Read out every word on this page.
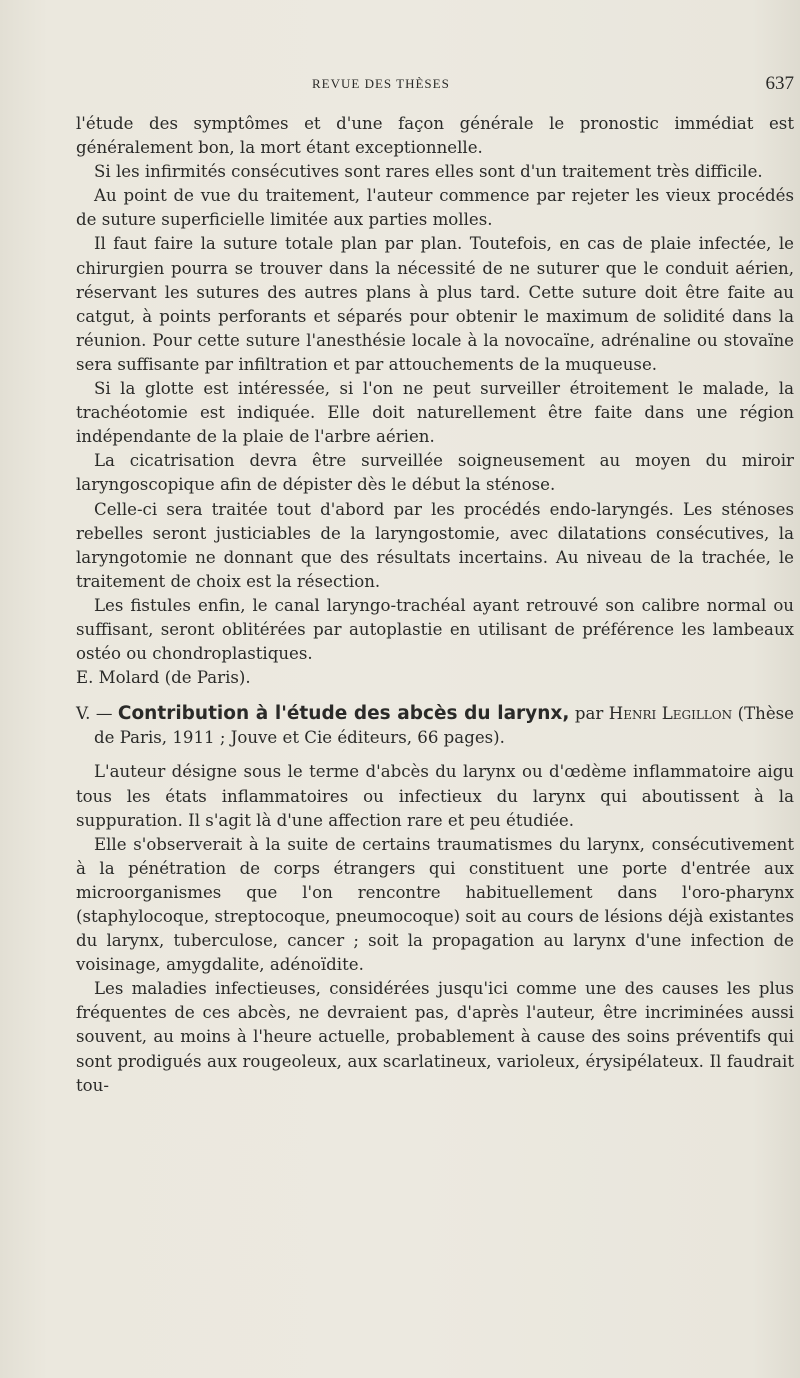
REVUE DES THÈSES	637

l'étude des symptômes et d'une façon générale le pronostic immédiat est généralement bon, la mort étant exceptionnelle.

Si les infirmités consécutives sont rares elles sont d'un traitement très difficile.

Au point de vue du traitement, l'auteur commence par rejeter les vieux procédés de suture superficielle limitée aux parties molles.

Il faut faire la suture totale plan par plan. Toutefois, en cas de plaie infectée, le chirurgien pourra se trouver dans la nécessité de ne suturer que le conduit aérien, réservant les sutures des autres plans à plus tard. Cette suture doit être faite au catgut, à points perforants et séparés pour obtenir le maximum de solidité dans la réunion. Pour cette suture l'anesthésie locale à la novocaïne, adrénaline ou stovaïne sera suffisante par infiltration et par attouchements de la muqueuse.

Si la glotte est intéressée, si l'on ne peut surveiller étroitement le malade, la trachéotomie est indiquée. Elle doit naturellement être faite dans une région indépendante de la plaie de l'arbre aérien.

La cicatrisation devra être surveillée soigneusement au moyen du miroir laryngoscopique afin de dépister dès le début la sténose.

Celle-ci sera traitée tout d'abord par les procédés endo-laryngés. Les sténoses rebelles seront justiciables de la laryngostomie, avec dilatations consécutives, la laryngotomie ne donnant que des résultats incertains. Au niveau de la trachée, le traitement de choix est la résection.

Les fistules enfin, le canal laryngo-trachéal ayant retrouvé son calibre normal ou suffisant, seront oblitérées par autoplastie en utilisant de préférence les lambeaux ostéo ou chondroplastiques.

E. Molard (de Paris).

V. — Contribution à l'étude des abcès du larynx, par Henri Legillon (Thèse de Paris, 1911 ; Jouve et Cie éditeurs, 66 pages).

L'auteur désigne sous le terme d'abcès du larynx ou d'œdème inflammatoire aigu tous les états inflammatoires ou infectieux du larynx qui aboutissent à la suppuration. Il s'agit là d'une affection rare et peu étudiée.

Elle s'observerait à la suite de certains traumatismes du larynx, consécutivement à la pénétration de corps étrangers qui constituent une porte d'entrée aux microorganismes que l'on rencontre habituellement dans l'oro-pharynx (staphylocoque, streptocoque, pneumocoque) soit au cours de lésions déjà existantes du larynx, tuberculose, cancer ; soit la propagation au larynx d'une infection de voisinage, amygdalite, adénoïdite.

Les maladies infectieuses, considérées jusqu'ici comme une des causes les plus fréquentes de ces abcès, ne devraient pas, d'après l'auteur, être incriminées aussi souvent, au moins à l'heure actuelle, probablement à cause des soins préventifs qui sont prodigués aux rougeoleux, aux scarlatineux, varioleux, érysipélateux. Il faudrait tou-
